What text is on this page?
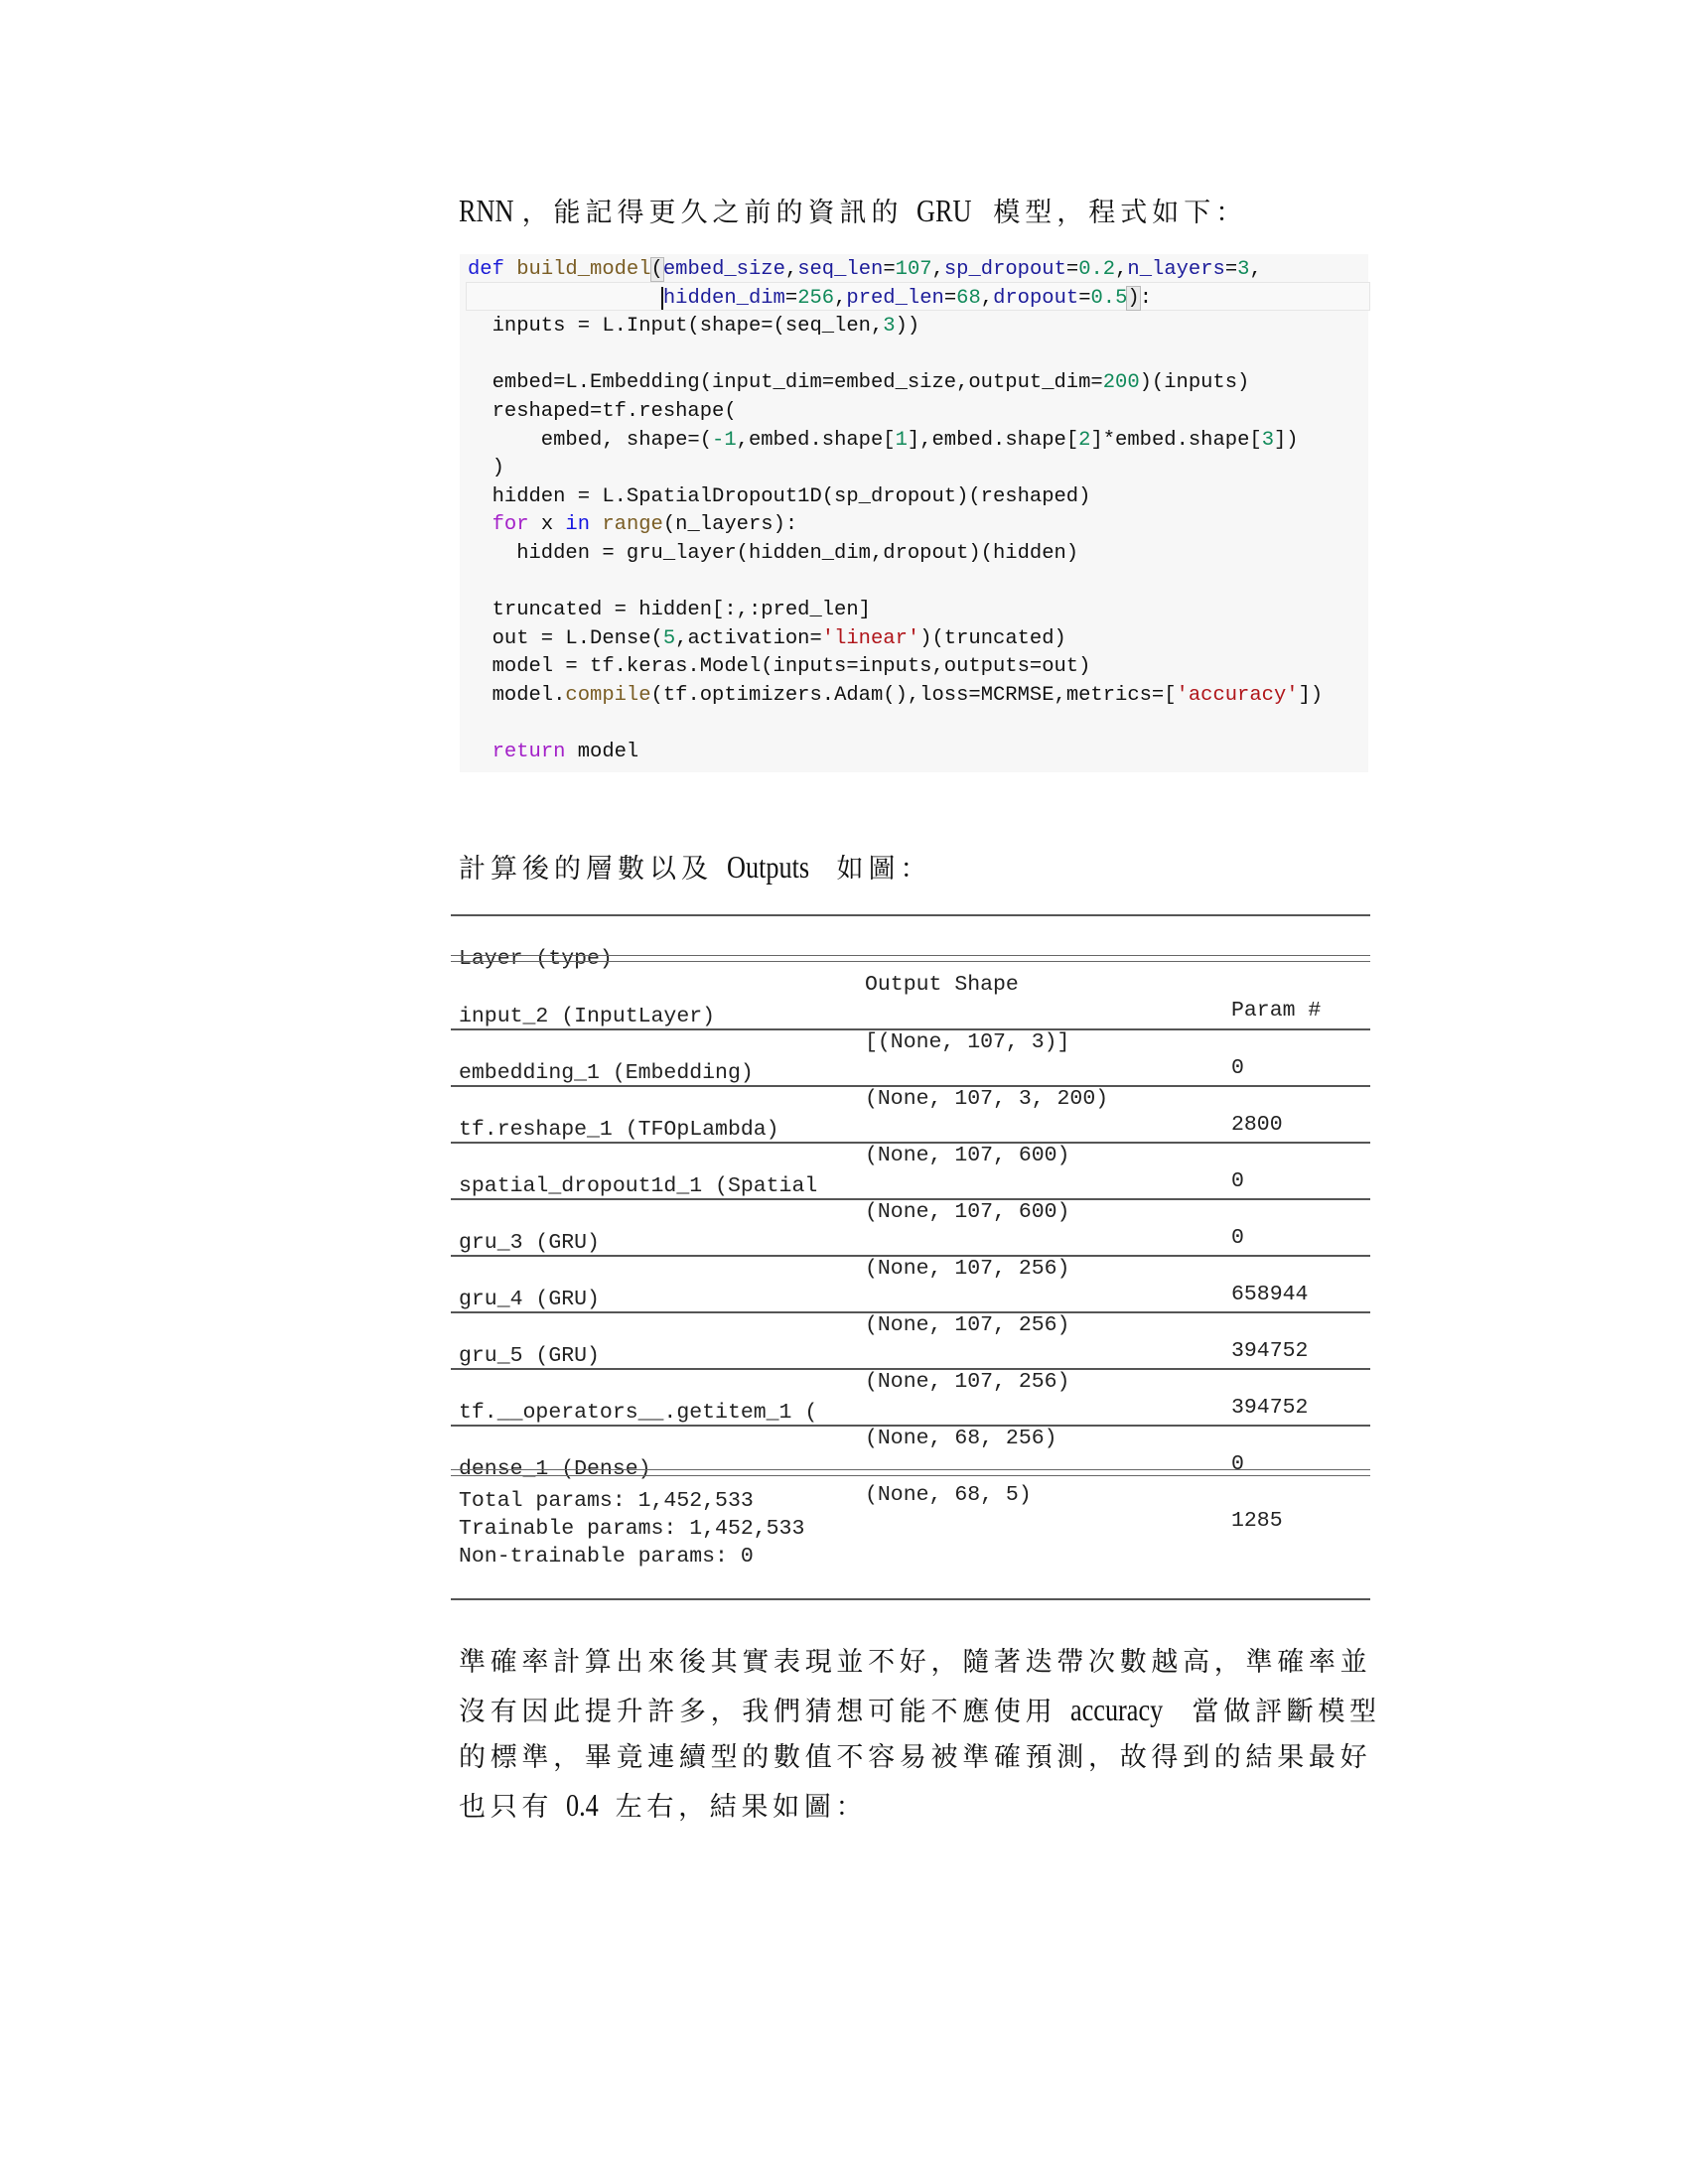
RNN ，能記得更久之前的資訊的 GRU 模型，程式如下：
def build_model(embed_size,seq_len=107,sp_dropout=0.2,n_layers=3,
hidden_dim=256,pred_len=68,dropout=0.5):
inputs = L.Input(shape=(seq_len,3))

embed=L.Embedding(input_dim=embed_size,output_dim=200)(inputs)
reshaped=tf.reshape(
embed, shape=(-1,embed.shape[1],embed.shape[2]*embed.shape[3])
)
hidden = L.SpatialDropout1D(sp_dropout)(reshaped)
for x in range(n_layers):
hidden = gru_layer(hidden_dim,dropout)(hidden)

truncated = hidden[:,:pred_len]
out = L.Dense(5,activation='linear')(truncated)
model = tf.keras.Model(inputs=inputs,outputs=out)
model.compile(tf.optimizers.Adam(),loss=MCRMSE,metrics=['accuracy'])

return model
計算後的層數以及 Outputs 如圖：

Layer (type)

Output Shape

Param #

input_2 (InputLayer)

[(None, 107, 3)]

0

embedding_1 (Embedding)

(None, 107, 3, 200)

2800

tf.reshape_1 (TFOpLambda)

(None, 107, 600)

0

spatial_dropout1d_1 (Spatial

(None, 107, 600)

0

gru_3 (GRU)

(None, 107, 256)

658944

gru_4 (GRU)

(None, 107, 256)

394752

gru_5 (GRU)

(None, 107, 256)

394752

tf.__operators__.getitem_1 (

(None, 68, 256)

0

dense_1 (Dense)

(None, 68, 5)

1285

Total params: 1,452,533
Trainable params: 1,452,533
Non-trainable params: 0
準確率計算出來後其實表現並不好，隨著迭帶次數越高，準確率並
沒有因此提升許多，我們猜想可能不應使用 accuracy 當做評斷模型
的標準，畢竟連續型的數值不容易被準確預測，故得到的結果最好
也只有 0.4 左右，結果如圖：
